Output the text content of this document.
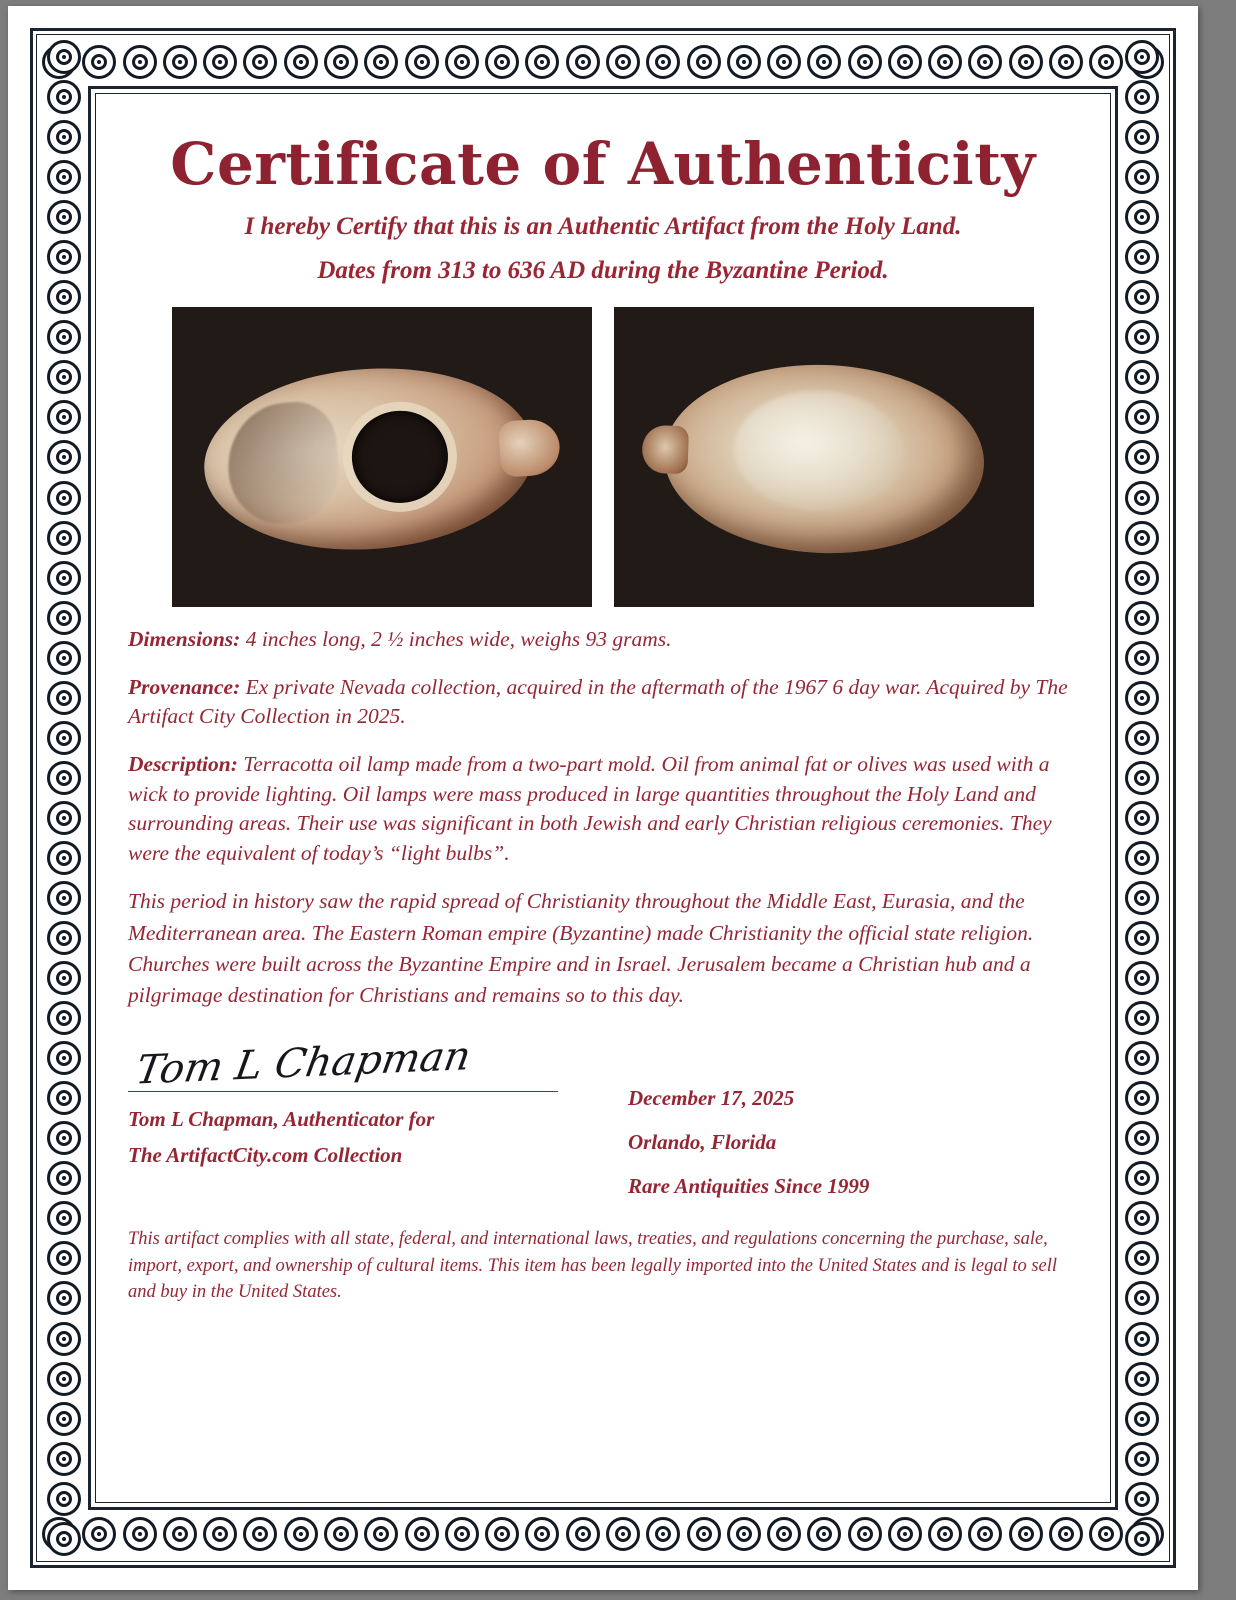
Certificate of Authenticity
I hereby Certify that this is an Authentic Artifact from the Holy Land.
Dates from 313 to 636 AD during the Byzantine Period.

Dimensions: 4 inches long, 2 ½ inches wide, weighs 93 grams.

Provenance: Ex private Nevada collection, acquired in the aftermath of the 1967 6 day war. Acquired by The Artifact City Collection in 2025.

Description: Terracotta oil lamp made from a two-part mold. Oil from animal fat or olives was used with a wick to provide lighting. Oil lamps were mass produced in large quantities throughout the Holy Land and surrounding areas. Their use was significant in both Jewish and early Christian religious ceremonies. They were the equivalent of today’s “light bulbs”.

This period in history saw the rapid spread of Christianity throughout the Middle East, Eurasia, and the Mediterranean area. The Eastern Roman empire (Byzantine) made Christianity the official state religion. Churches were built across the Byzantine Empire and in Israel. Jerusalem became a Christian hub and a pilgrimage destination for Christians and remains so to this day.

Tom L Chapman
Tom L Chapman, Authenticator for
The ArtifactCity.com Collection
December 17, 2025
Orlando, Florida
Rare Antiquities Since 1999

This artifact complies with all state, federal, and international laws, treaties, and regulations concerning the purchase, sale, import, export, and ownership of cultural items. This item has been legally imported into the United States and is legal to sell and buy in the United States.
